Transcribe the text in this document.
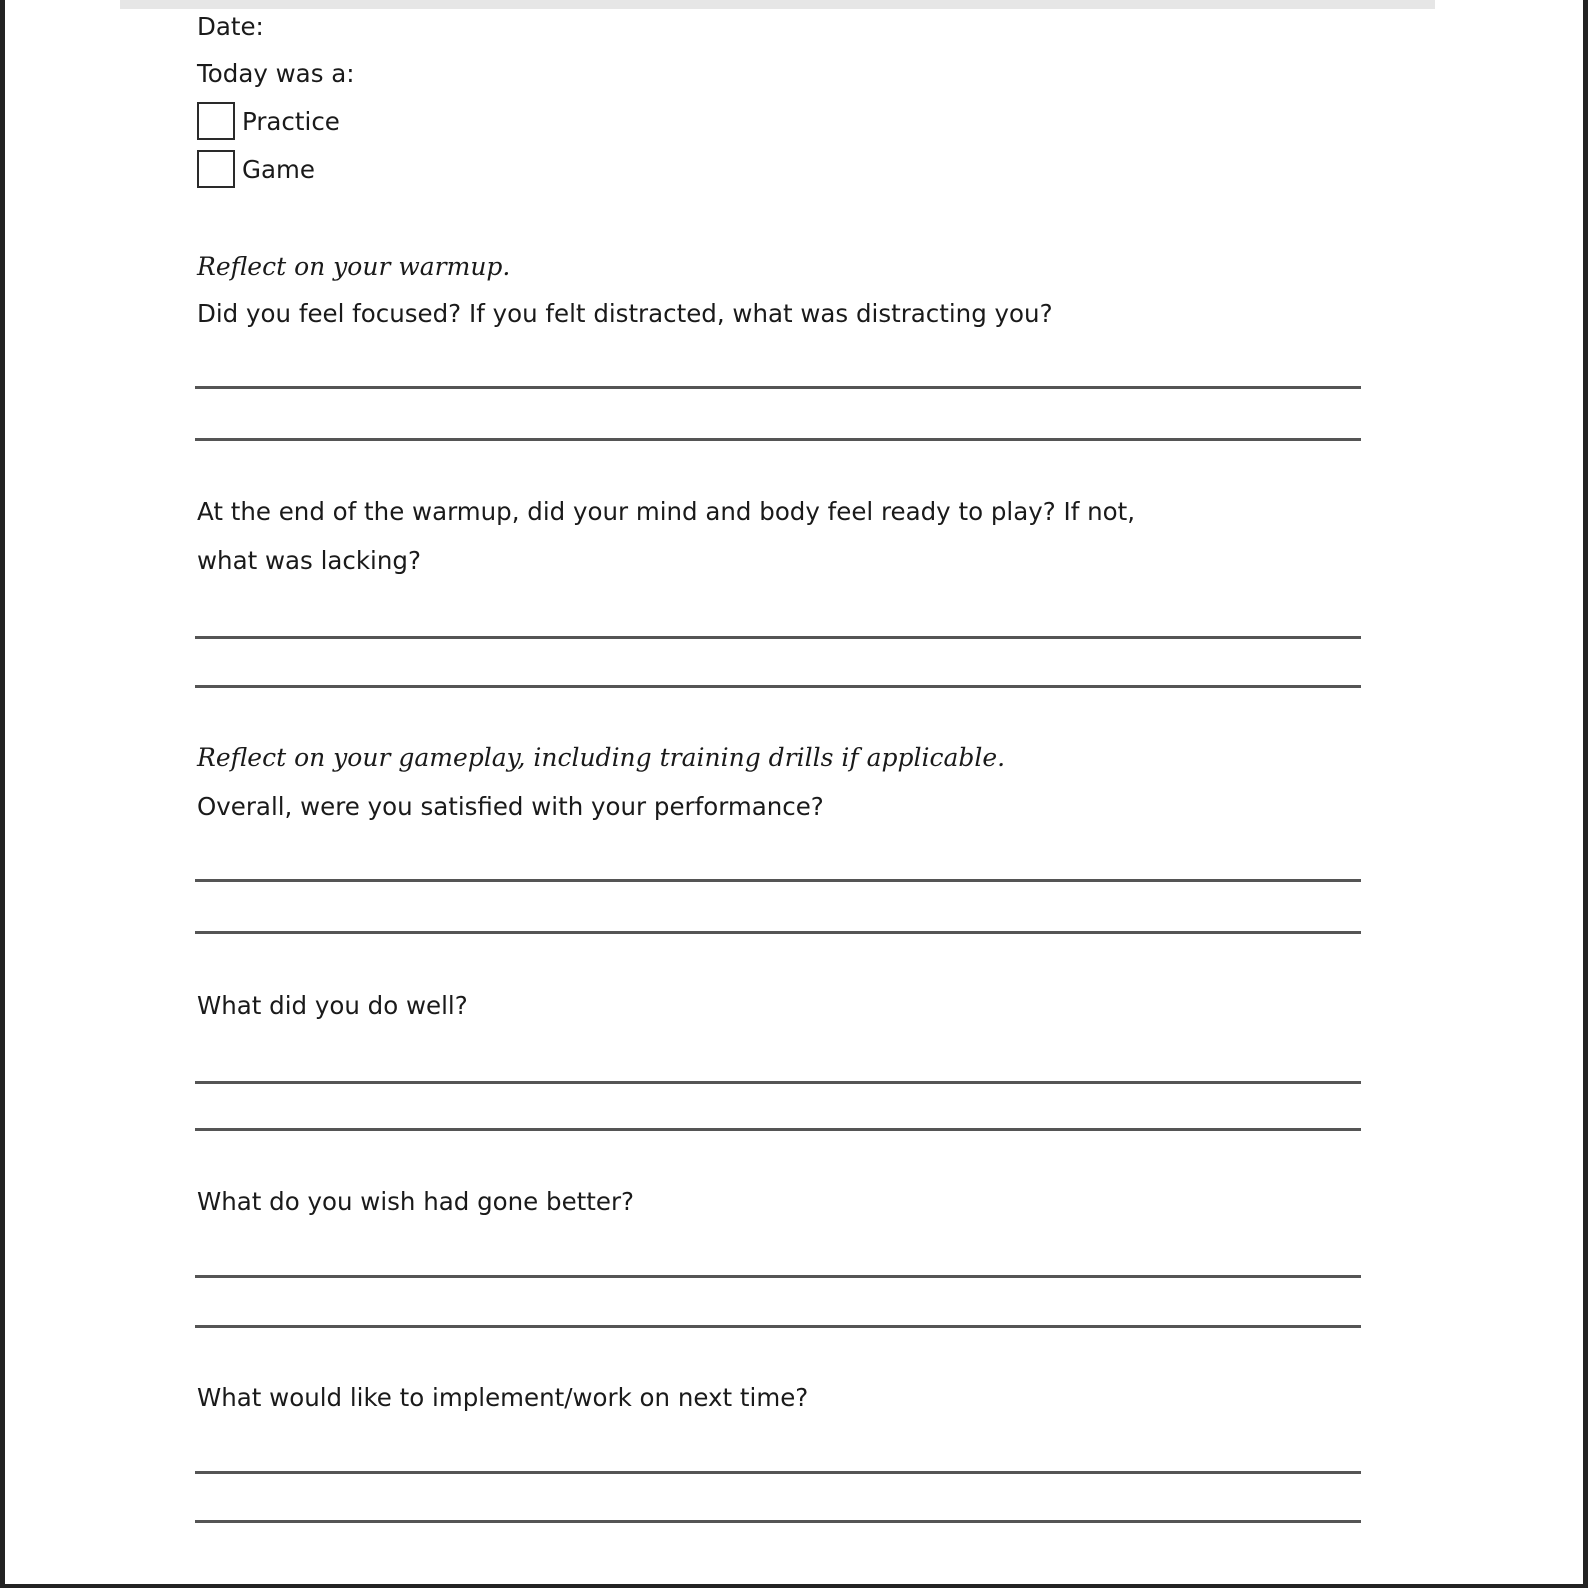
Date:

Today was a:

Practice
Game

Reflect on your warmup.

Did you feel focused? If you felt distracted, what was distracting you?

At the end of the warmup, did your mind and body feel ready to play? If not,

what was lacking?

Reflect on your gameplay, including training drills if applicable.

Overall, were you satisfied with your performance?

What did you do well?

What do you wish had gone better?

What would like to implement/work on next time?
